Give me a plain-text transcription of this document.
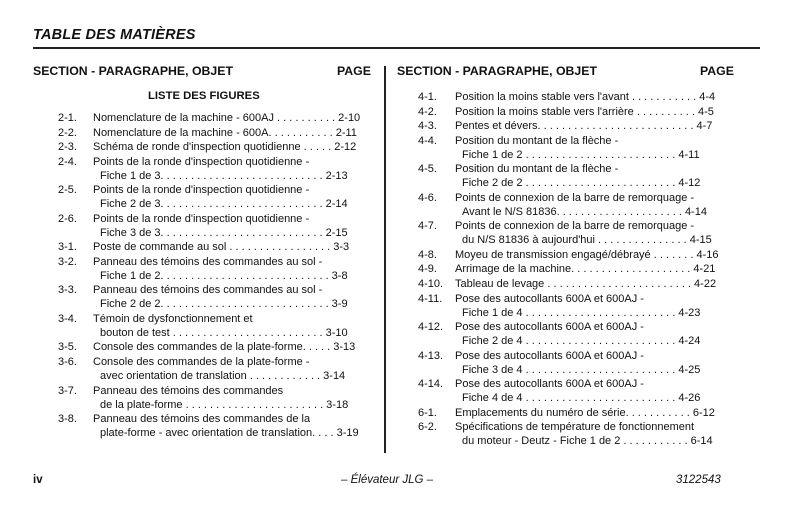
TABLE DES MATIÈRES
SECTION - PARAGRAPHE, OBJET	PAGE SECTION - PARAGRAPHE, OBJET	PAGE
LISTE DES FIGURES
2-1. Nomenclature de la machine - 600AJ . . . . . . . . . . 2-10
2-2. Nomenclature de la machine - 600A. . . . . . . . . . . 2-11
2-3. Schéma de ronde d'inspection quotidienne . . . . . 2-12
2-4. Points de la ronde d'inspection quotidienne -
Fiche 1 de 3. . . . . . . . . . . . . . . . . . . . . . . . . . . 2-13
2-5. Points de la ronde d'inspection quotidienne -
Fiche 2 de 3. . . . . . . . . . . . . . . . . . . . . . . . . . . 2-14
2-6. Points de la ronde d'inspection quotidienne -
Fiche 3 de 3. . . . . . . . . . . . . . . . . . . . . . . . . . . 2-15
3-1. Poste de commande au sol . . . . . . . . . . . . . . . . . 3-3
3-2. Panneau des témoins des commandes au sol -
Fiche 1 de 2. . . . . . . . . . . . . . . . . . . . . . . . . . . . 3-8
3-3. Panneau des témoins des commandes au sol -
Fiche 2 de 2. . . . . . . . . . . . . . . . . . . . . . . . . . . . 3-9
3-4. Témoin de dysfonctionnement et
bouton de test . . . . . . . . . . . . . . . . . . . . . . . . . 3-10
3-5. Console des commandes de la plate-forme. . . . . 3-13
3-6. Console des commandes de la plate-forme -
avec orientation de translation . . . . . . . . . . . . 3-14
3-7. Panneau des témoins des commandes
de la plate-forme . . . . . . . . . . . . . . . . . . . . . . . 3-18
3-8. Panneau des témoins des commandes de la
plate-forme - avec orientation de translation. . . . 3-19
4-1. Position la moins stable vers l'avant . . . . . . . . . . . 4-4
4-2. Position la moins stable vers l'arrière . . . . . . . . . . 4-5
4-3. Pentes et dévers. . . . . . . . . . . . . . . . . . . . . . . . . . 4-7
4-4. Position du montant de la flèche -
Fiche 1 de 2 . . . . . . . . . . . . . . . . . . . . . . . . . 4-11
4-5. Position du montant de la flèche -
Fiche 2 de 2 . . . . . . . . . . . . . . . . . . . . . . . . . 4-12
4-6. Points de connexion de la barre de remorquage -
Avant le N/S 81836. . . . . . . . . . . . . . . . . . . . . 4-14
4-7. Points de connexion de la barre de remorquage -
du N/S 81836 à aujourd'hui . . . . . . . . . . . . . . . 4-15
4-8. Moyeu de transmission engagé/débrayé . . . . . . . 4-16
4-9. Arrimage de la machine. . . . . . . . . . . . . . . . . . . . 4-21
4-10. Tableau de levage . . . . . . . . . . . . . . . . . . . . . . . . 4-22
4-11. Pose des autocollants 600A et 600AJ -
Fiche 1 de 4 . . . . . . . . . . . . . . . . . . . . . . . . . 4-23
4-12. Pose des autocollants 600A et 600AJ -
Fiche 2 de 4 . . . . . . . . . . . . . . . . . . . . . . . . . 4-24
4-13. Pose des autocollants 600A et 600AJ -
Fiche 3 de 4 . . . . . . . . . . . . . . . . . . . . . . . . . 4-25
4-14. Pose des autocollants 600A et 600AJ -
Fiche 4 de 4 . . . . . . . . . . . . . . . . . . . . . . . . . 4-26
6-1. Emplacements du numéro de série. . . . . . . . . . . 6-12
6-2. Spécifications de température de fonctionnement
du moteur - Deutz - Fiche 1 de 2 . . . . . . . . . . . 6-14
iv	– Élévateur JLG –	3122543
